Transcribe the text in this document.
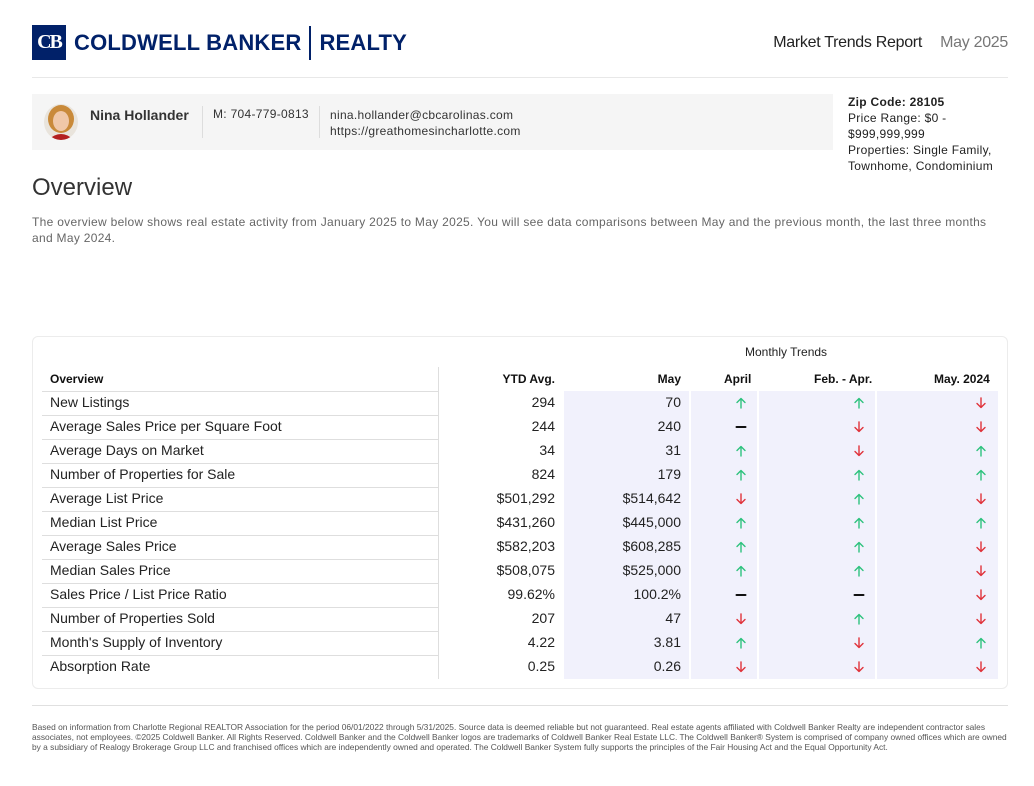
CB COLDWELL BANKER REALTY	Market Trends Report May 2025
Nina Hollander M: 704-779-0813 nina.hollander@cbcarolinas.com
https://greathomesincharlotte.com
Zip Code: 28105
Price Range: $0 - $999,999,999
Properties: Single Family, Townhome, Condominium
Overview
The overview below shows real estate activity from January 2025 to May 2025. You will see data comparisons between May and the previous month, the last three months and May 2024.
Monthly Trends
Overview	YTD Avg.	May	April	Feb. - Apr.	May. 2024
New Listings	294	70
Average Sales Price per Square Foot	244	240
Average Days on Market	34	31
Number of Properties for Sale	824	179
Average List Price	$501,292	$514,642
Median List Price	$431,260	$445,000
Average Sales Price	$582,203	$608,285
Median Sales Price	$508,075	$525,000
Sales Price / List Price Ratio	99.62%	100.2%
Number of Properties Sold	207	47
Month's Supply of Inventory	4.22	3.81
Absorption Rate	0.25	0.26
Based on information from Charlotte Regional REALTOR Association for the period 06/01/2022 through 5/31/2025. Source data is deemed reliable but not guaranteed. Real estate agents affiliated with Coldwell Banker Realty are independent contractor sales associates, not employees. ©2025 Coldwell Banker. All Rights Reserved. Coldwell Banker and the Coldwell Banker logos are trademarks of Coldwell Banker Real Estate LLC. The Coldwell Banker® System is comprised of company owned offices which are owned by a subsidiary of Realogy Brokerage Group LLC and franchised offices which are independently owned and operated. The Coldwell Banker System fully supports the principles of the Fair Housing Act and the Equal Opportunity Act.
